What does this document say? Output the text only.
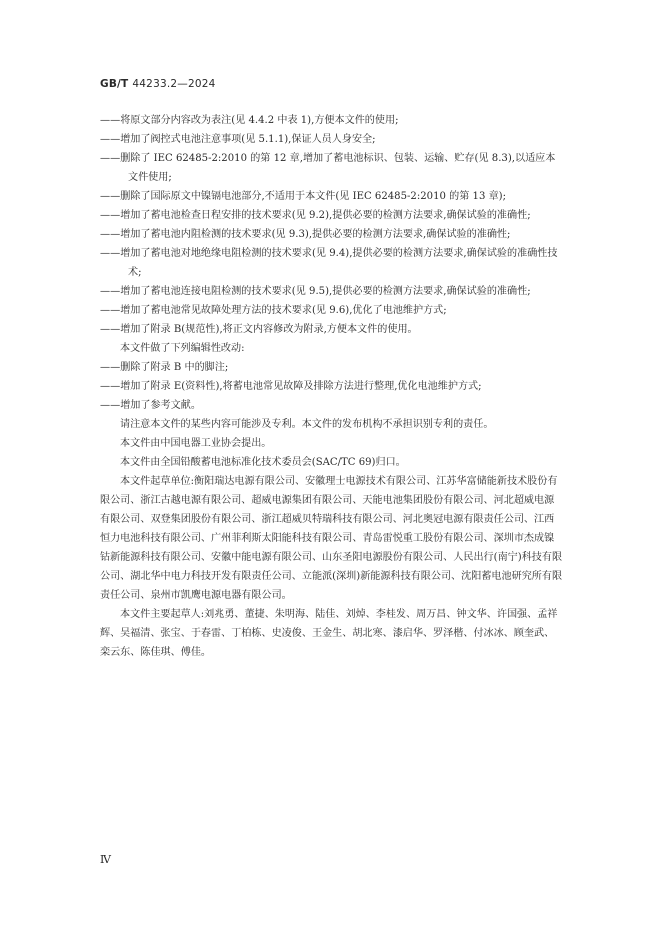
GB/T 44233.2—2024

——将原文部分内容改为表注(见 4.4.2 中表 1),方便本文件的使用;

——增加了阀控式电池注意事项(见 5.1.1),保证人员人身安全;

——删除了 IEC 62485-2:2010 的第 12 章,增加了蓄电池标识、包装、运输、贮存(见 8.3),以适应本文件使用;

——删除了国际原文中镍镉电池部分,不适用于本文件(见 IEC 62485-2:2010 的第 13 章);

——增加了蓄电池检查日程安排的技术要求(见 9.2),提供必要的检测方法要求,确保试验的准确性;

——增加了蓄电池内阻检测的技术要求(见 9.3),提供必要的检测方法要求,确保试验的准确性;

——增加了蓄电池对地绝缘电阻检测的技术要求(见 9.4),提供必要的检测方法要求,确保试验的准确性技术;

——增加了蓄电池连接电阻检测的技术要求(见 9.5),提供必要的检测方法要求,确保试验的准确性;

——增加了蓄电池常见故障处理方法的技术要求(见 9.6),优化了电池维护方式;

——增加了附录 B(规范性),将正文内容修改为附录,方便本文件的使用。

本文件做了下列编辑性改动:

——删除了附录 B 中的脚注;

——增加了附录 E(资料性),将蓄电池常见故障及排除方法进行整理,优化电池维护方式;

——增加了参考文献。

请注意本文件的某些内容可能涉及专利。本文件的发布机构不承担识别专利的责任。

本文件由中国电器工业协会提出。

本文件由全国铅酸蓄电池标准化技术委员会(SAC/TC 69)归口。

本文件起草单位:衡阳瑞达电源有限公司、安徽理士电源技术有限公司、江苏华富储能新技术股份有限公司、浙江古越电源有限公司、超威电源集团有限公司、天能电池集团股份有限公司、河北超威电源有限公司、双登集团股份有限公司、浙江超威贝特瑞科技有限公司、河北奥冠电源有限责任公司、江西恒力电池科技有限公司、广州菲利斯太阳能科技有限公司、青岛雷悦重工股份有限公司、深圳市杰成镍钴新能源科技有限公司、安徽中能电源有限公司、山东圣阳电源股份有限公司、人民出行(南宁)科技有限公司、湖北华中电力科技开发有限责任公司、立能派(深圳)新能源科技有限公司、沈阳蓄电池研究所有限责任公司、泉州市凯鹰电源电器有限公司。

本文件主要起草人:刘兆勇、董捷、朱明海、陆佳、刘焯、李桂发、周万昌、钟文华、许国强、孟祥辉、吴福清、张宝、于春雷、丁柏栋、史凌俊、王金生、胡北寒、漆启华、罗泽楷、付冰冰、顾奎武、栾云东、陈佳琪、傅佳。

Ⅳ
